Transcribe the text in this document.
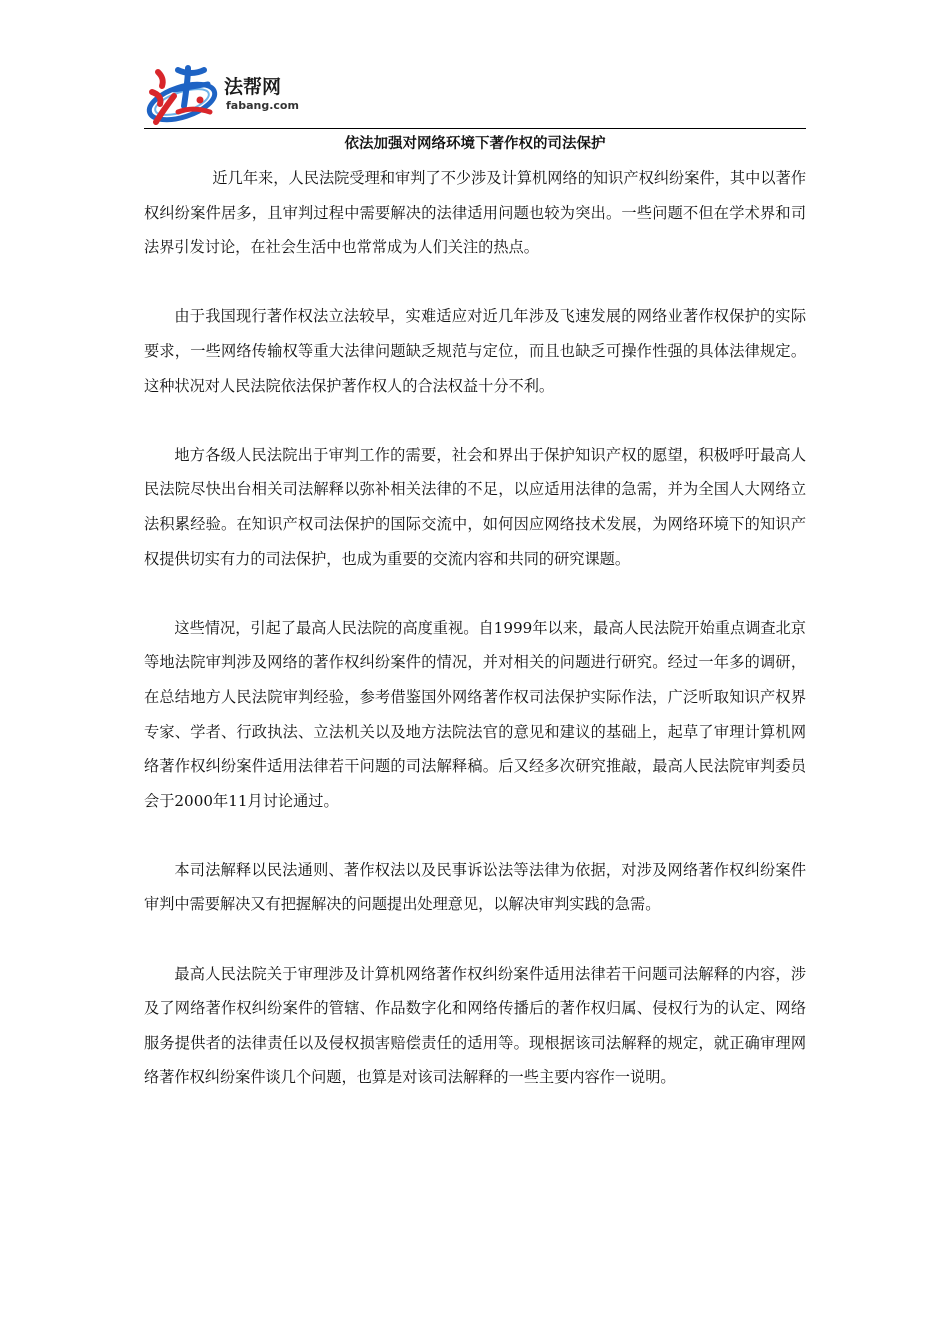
法帮网
fabang.com
依法加强对网络环境下著作权的司法保护

近几年来，人民法院受理和审判了不少涉及计算机网络的知识产权纠纷案件，其中以著作权纠纷案件居多，且审判过程中需要解决的法律适用问题也较为突出。一些问题不但在学术界和司法界引发讨论，在社会生活中也常常成为人们关注的热点。

由于我国现行著作权法立法较早，实难适应对近几年涉及飞速发展的网络业著作权保护的实际要求，一些网络传输权等重大法律问题缺乏规范与定位，而且也缺乏可操作性强的具体法律规定。这种状况对人民法院依法保护著作权人的合法权益十分不利。

地方各级人民法院出于审判工作的需要，社会和界出于保护知识产权的愿望，积极呼吁最高人民法院尽快出台相关司法解释以弥补相关法律的不足，以应适用法律的急需，并为全国人大网络立法积累经验。在知识产权司法保护的国际交流中，如何因应网络技术发展，为网络环境下的知识产权提供切实有力的司法保护，也成为重要的交流内容和共同的研究课题。

这些情况，引起了最高人民法院的高度重视。自1999年以来，最高人民法院开始重点调查北京等地法院审判涉及网络的著作权纠纷案件的情况，并对相关的问题进行研究。经过一年多的调研，在总结地方人民法院审判经验，参考借鉴国外网络著作权司法保护实际作法，广泛听取知识产权界专家、学者、行政执法、立法机关以及地方法院法官的意见和建议的基础上，起草了审理计算机网络著作权纠纷案件适用法律若干问题的司法解释稿。后又经多次研究推敲，最高人民法院审判委员会于2000年11月讨论通过。

本司法解释以民法通则、著作权法以及民事诉讼法等法律为依据，对涉及网络著作权纠纷案件审判中需要解决又有把握解决的问题提出处理意见，以解决审判实践的急需。

最高人民法院关于审理涉及计算机网络著作权纠纷案件适用法律若干问题司法解释的内容，涉及了网络著作权纠纷案件的管辖、作品数字化和网络传播后的著作权归属、侵权行为的认定、网络服务提供者的法律责任以及侵权损害赔偿责任的适用等。现根据该司法解释的规定，就正确审理网络著作权纠纷案件谈几个问题，也算是对该司法解释的一些主要内容作一说明。
